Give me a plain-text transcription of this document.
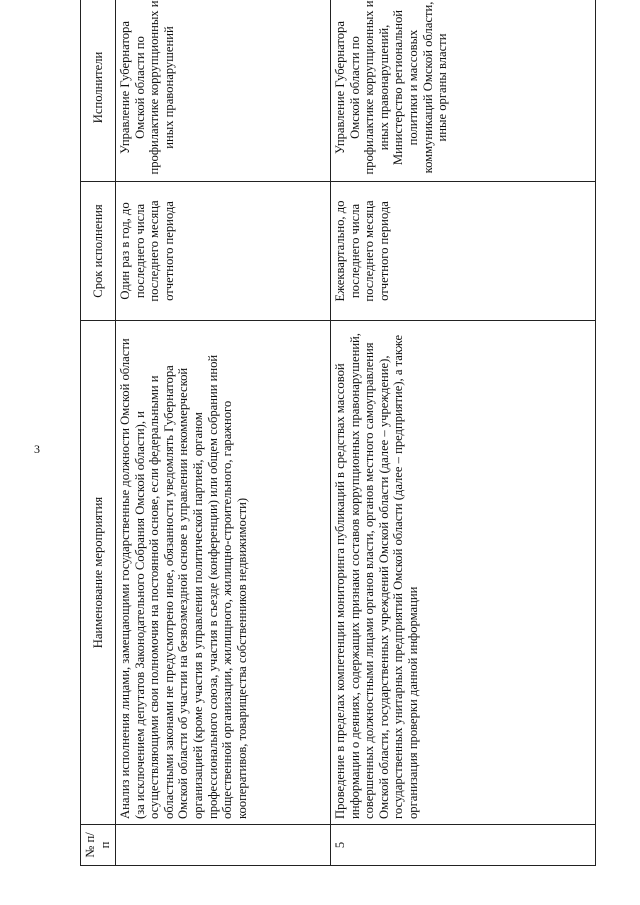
3
№ п/п	Наименование мероприятия	Срок исполнения	Исполнители
	Анализ исполнения лицами, замещающими государственные должности Омской области (за исключением депутатов Законодательного Собрания Омской области), и осуществляющими свои полномочия на постоянной основе, если федеральными и областными законами не предусмотрено иное, обязанности уведомлять Губернатора Омской области об участии на безвозмездной основе в управлении некоммерческой организацией (кроме участия в управлении политической партией, органом профессионального союза, участия в съезде (конференции) или общем собрании иной общественной организации, жилищного, жилищно-строительного, гаражного кооперативов, товарищества собственников недвижимости)	Один раз в год, до последнего числа последнего месяца отчетного периода	Управление Губернатора Омской области по профилактике коррупционных и иных правонарушений
5	Проведение в пределах компетенции мониторинга публикаций в средствах массовой информации о деяниях, содержащих признаки составов коррупционных правонарушений, совершенных должностными лицами органов власти, органов местного самоуправления Омской области, государственных учреждений Омской области (далее – учреждение), государственных унитарных предприятий Омской области (далее – предприятие), а также организация проверки данной информации	Ежеквартально, до последнего числа последнего месяца отчетного периода	Управление Губернатора Омской области по профилактике коррупционных и иных правонарушений, Министерство региональной политики и массовых коммуникаций Омской области, иные органы власти
